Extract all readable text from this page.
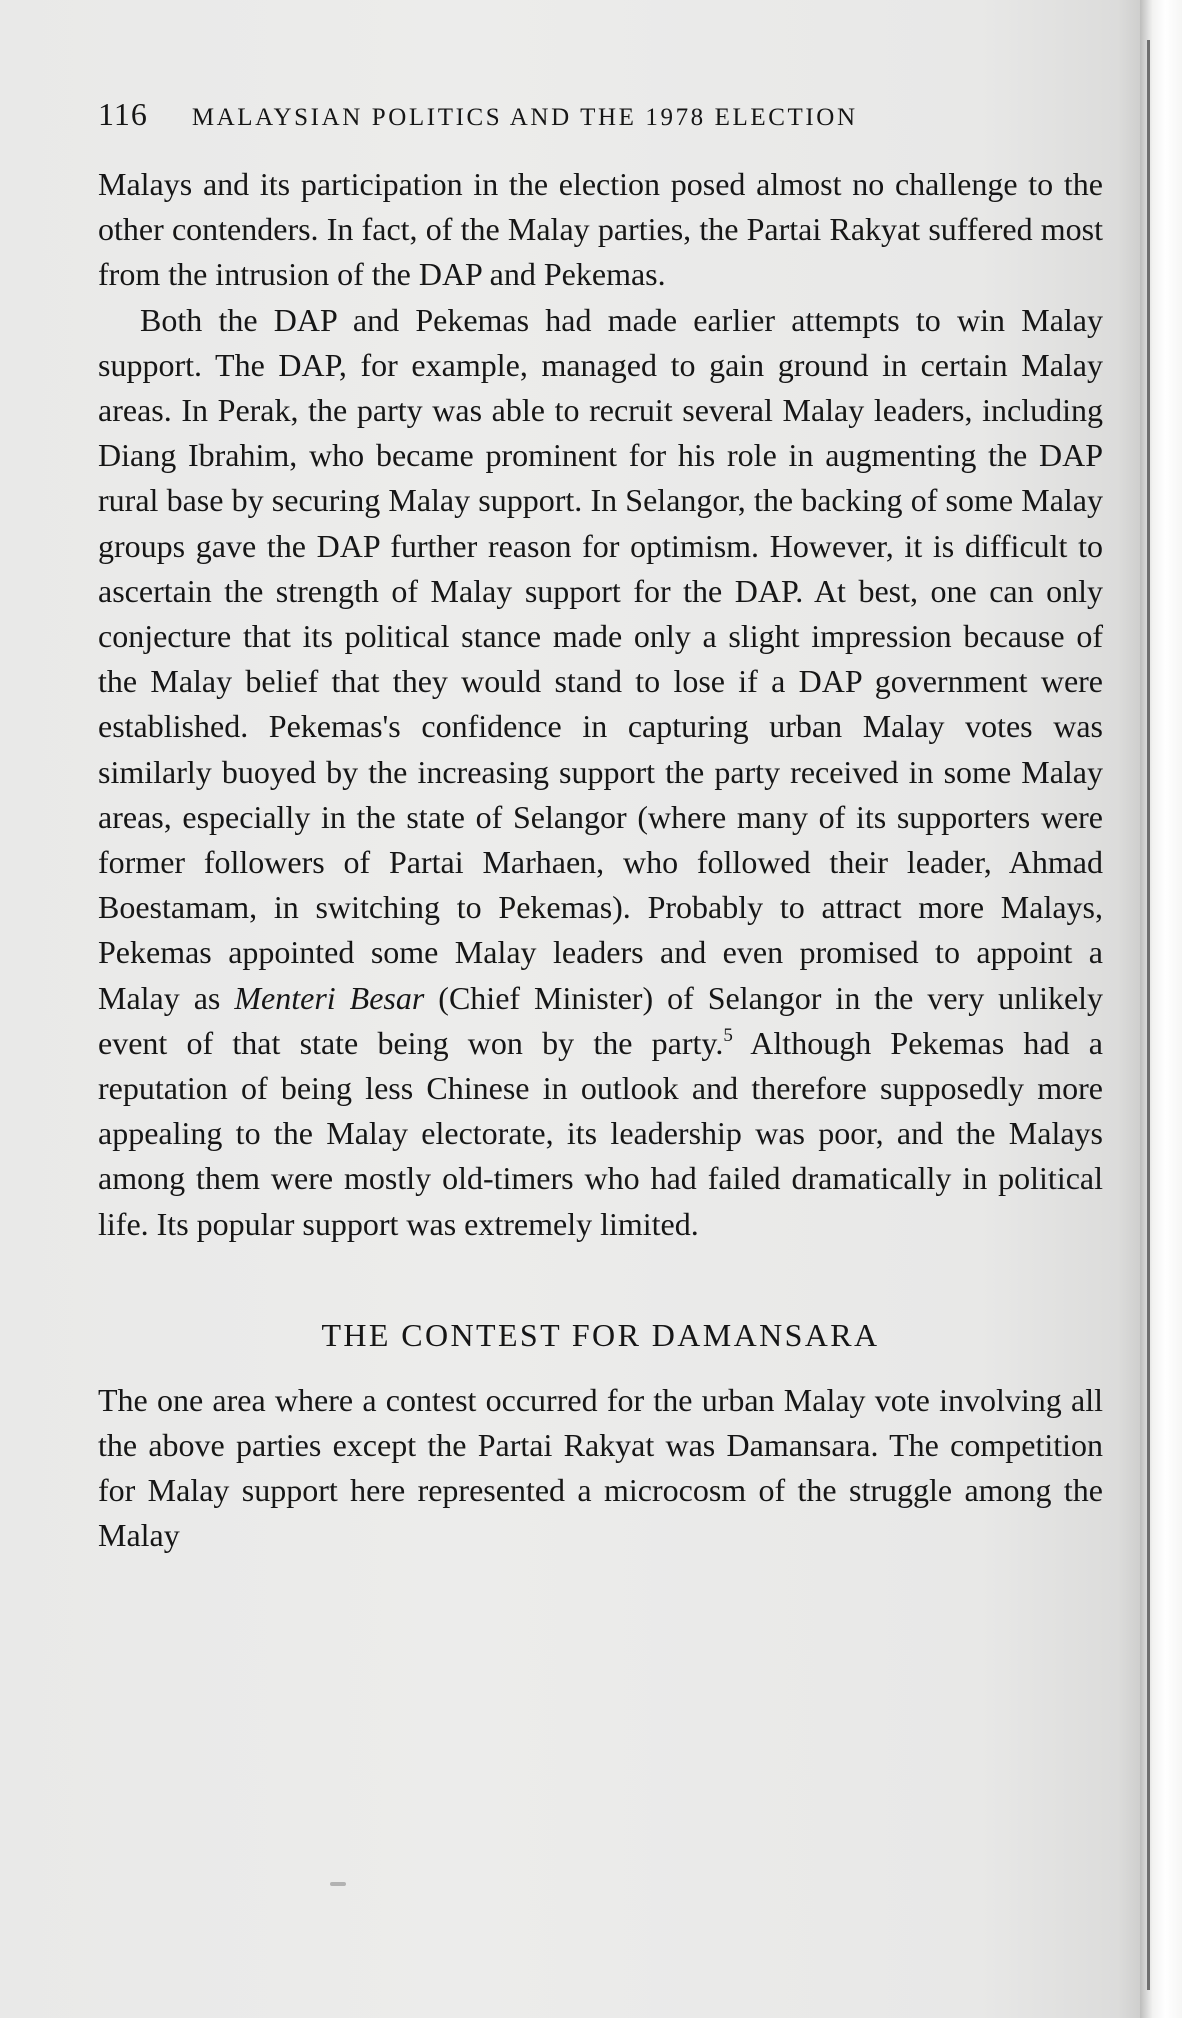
116 MALAYSIAN POLITICS AND THE 1978 ELECTION

Malays and its participation in the election posed almost no challenge to the other contenders. In fact, of the Malay parties, the Partai Rakyat suffered most from the intrusion of the DAP and Pekemas.

Both the DAP and Pekemas had made earlier attempts to win Malay support. The DAP, for example, managed to gain ground in certain Malay areas. In Perak, the party was able to recruit several Malay leaders, including Diang Ibrahim, who became prominent for his role in augmenting the DAP rural base by securing Malay support. In Selangor, the backing of some Malay groups gave the DAP further reason for optimism. However, it is difficult to ascertain the strength of Malay support for the DAP. At best, one can only conjecture that its political stance made only a slight impression because of the Malay belief that they would stand to lose if a DAP government were established. Pekemas's confidence in capturing urban Malay votes was similarly buoyed by the increasing support the party received in some Malay areas, especially in the state of Selangor (where many of its supporters were former followers of Partai Marhaen, who followed their leader, Ahmad Boestamam, in switching to Pekemas). Probably to attract more Malays, Pekemas appointed some Malay leaders and even promised to appoint a Malay as Menteri Besar (Chief Minister) of Selangor in the very unlikely event of that state being won by the party.$^5$ Although Pekemas had a reputation of being less Chinese in outlook and therefore supposedly more appealing to the Malay electorate, its leadership was poor, and the Malays among them were mostly old-timers who had failed dramatically in political life. Its popular support was extremely limited.

THE CONTEST FOR DAMANSARA

The one area where a contest occurred for the urban Malay vote involving all the above parties except the Partai Rakyat was Damansara. The competition for Malay support here represented a microcosm of the struggle among the Malay
